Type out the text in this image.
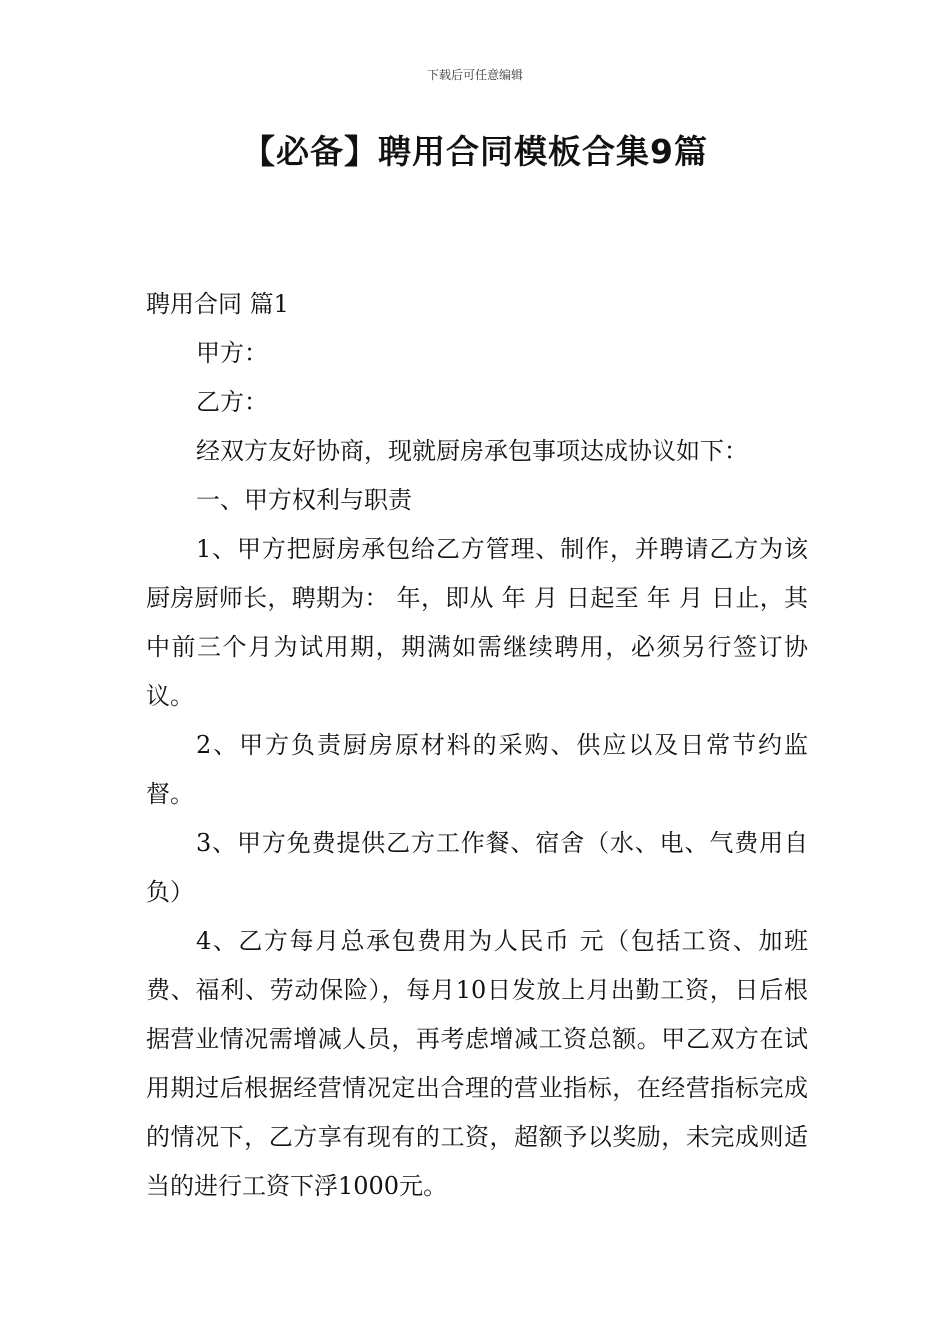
下载后可任意编辑
【必备】聘用合同模板合集9篇

聘用合同 篇1

甲方：

乙方：

经双方友好协商，现就厨房承包事项达成协议如下：

一、甲方权利与职责

1、甲方把厨房承包给乙方管理、制作，并聘请乙方为该厨房厨师长，聘期为： 年，即从 年 月 日起至 年 月 日止，其中前三个月为试用期，期满如需继续聘用，必须另行签订协议。

2、甲方负责厨房原材料的采购、供应以及日常节约监督。

3、甲方免费提供乙方工作餐、宿舍（水、电、气费用自负）

4、乙方每月总承包费用为人民币 元（包括工资、加班费、福利、劳动保险），每月10日发放上月出勤工资，日后根据营业情况需增减人员，再考虑增减工资总额。甲乙双方在试用期过后根据经营情况定出合理的营业指标，在经营指标完成的情况下，乙方享有现有的工资，超额予以奖励，未完成则适当的进行工资下浮1000元。
